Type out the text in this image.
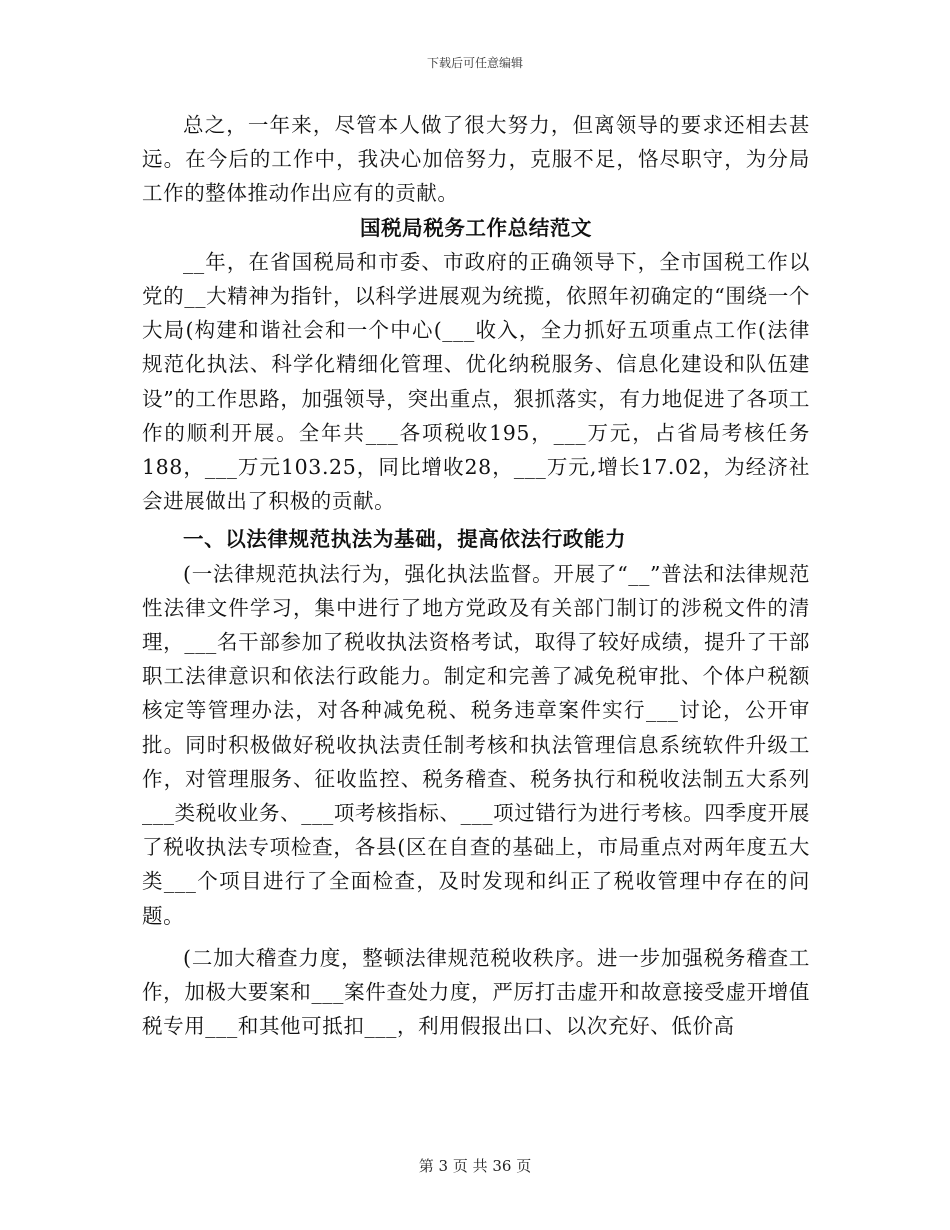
下载后可任意编辑

总之，一年来，尽管本人做了很大努力，但离领导的要求还相去甚远。在今后的工作中，我决心加倍努力，克服不足，恪尽职守，为分局工作的整体推动作出应有的贡献。

国税局税务工作总结范文

__年，在省国税局和市委、市政府的正确领导下，全市国税工作以党的__大精神为指针，以科学进展观为统揽，依照年初确定的“围绕一个大局(构建和谐社会和一个中心(___收入，全力抓好五项重点工作(法律规范化执法、科学化精细化管理、优化纳税服务、信息化建设和队伍建设”的工作思路，加强领导，突出重点，狠抓落实，有力地促进了各项工作的顺利开展。全年共___各项税收195，___万元，占省局考核任务188，___万元103.25，同比增收28，___万元,增长17.02，为经济社会进展做出了积极的贡献。

一、以法律规范执法为基础，提高依法行政能力

(一法律规范执法行为，强化执法监督。开展了“__”普法和法律规范性法律文件学习，集中进行了地方党政及有关部门制订的涉税文件的清理，___名干部参加了税收执法资格考试，取得了较好成绩，提升了干部职工法律意识和依法行政能力。制定和完善了减免税审批、个体户税额核定等管理办法，对各种减免税、税务违章案件实行___讨论，公开审批。同时积极做好税收执法责任制考核和执法管理信息系统软件升级工作，对管理服务、征收监控、税务稽查、税务执行和税收法制五大系列___类税收业务、___项考核指标、___项过错行为进行考核。四季度开展了税收执法专项检查，各县(区在自查的基础上，市局重点对两年度五大类___个项目进行了全面检查，及时发现和纠正了税收管理中存在的问题。

(二加大稽查力度，整顿法律规范税收秩序。进一步加强税务稽查工作，加极大要案和___案件查处力度，严厉打击虚开和故意接受虚开增值税专用___和其他可抵扣___，利用假报出口、以次充好、低价高

第 3 页 共 36 页
